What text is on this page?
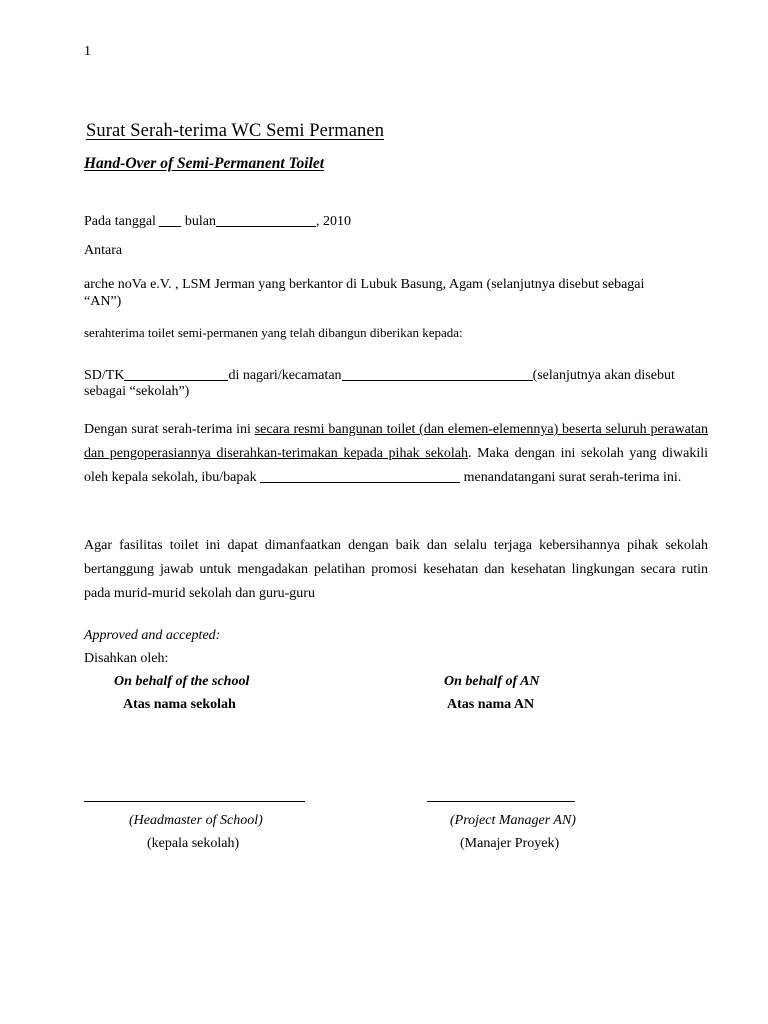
1
Surat Serah-terima WC Semi Permanen
Hand-Over of Semi-Permanent Toilet
Pada tanggal  bulan	, 2010
Antara
arche noVa e.V. , LSM Jerman yang berkantor di Lubuk Basung, Agam (selanjutnya disebut sebagai
“AN”)
serahterima toilet semi-permanen yang telah dibangun diberikan kepada:
SD/TK	di nagari/kecamatan	(selanjutnya akan disebut
sebagai “sekolah”)
Dengan surat serah-terima ini secara resmi bangunan toilet (dan elemen-elemennya) beserta seluruh perawatan dan pengoperasiannya diserahkan-terimakan kepada pihak sekolah. Maka dengan ini sekolah yang diwakili oleh kepala sekolah, ibu/bapak	menandatangani surat serah-terima ini.
Agar fasilitas toilet ini dapat dimanfaatkan dengan baik dan selalu terjaga kebersihannya pihak sekolah bertanggung jawab untuk mengadakan pelatihan promosi kesehatan dan kesehatan lingkungan secara rutin pada murid-murid sekolah dan guru-guru
Approved and accepted:
Disahkan oleh:
On behalf of the school	On behalf of AN
Atas nama sekolah	Atas nama AN
(Headmaster of School)	(Project Manager AN)
(kepala sekolah)	(Manajer Proyek)
